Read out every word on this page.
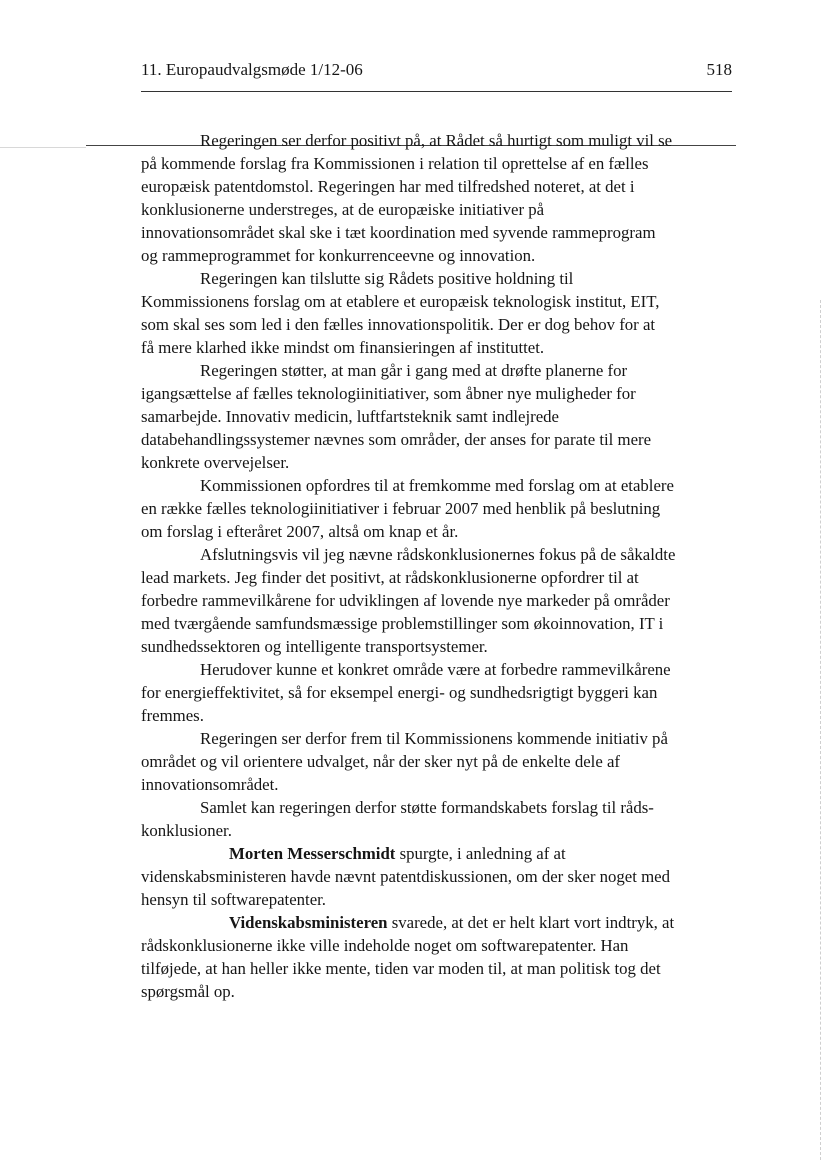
11. Europaudvalgsmøde 1/12-06	518

Regeringen ser derfor positivt på, at Rådet så hurtigt som muligt vil se
på kommende forslag fra Kommissionen i relation til oprettelse af en fælles
europæisk patentdomstol. Regeringen har med tilfredshed noteret, at det i
konklusionerne understreges, at de europæiske initiativer på
innovationsområdet skal ske i tæt koordination med syvende rammeprogram
og rammeprogrammet for konkurrenceevne og innovation.

Regeringen kan tilslutte sig Rådets positive holdning til
Kommissionens forslag om at etablere et europæisk teknologisk institut, EIT,
som skal ses som led i den fælles innovationspolitik. Der er dog behov for at
få mere klarhed ikke mindst om finansieringen af instituttet.

Regeringen støtter, at man går i gang med at drøfte planerne for
igangsættelse af fælles teknologiinitiativer, som åbner nye muligheder for
samarbejde. Innovativ medicin, luftfartsteknik samt indlejrede
databehandlingssystemer nævnes som områder, der anses for parate til mere
konkrete overvejelser.

Kommissionen opfordres til at fremkomme med forslag om at etablere
en række fælles teknologiinitiativer i februar 2007 med henblik på beslutning
om forslag i efteråret 2007, altså om knap et år.

Afslutningsvis vil jeg nævne rådskonklusionernes fokus på de såkaldte
lead markets. Jeg finder det positivt, at rådskonklusionerne opfordrer til at
forbedre rammevilkårene for udviklingen af lovende nye markeder på områder
med tværgående samfundsmæssige problemstillinger som økoinnovation, IT i
sundhedssektoren og intelligente transportsystemer.

Herudover kunne et konkret område være at forbedre rammevilkårene
for energieffektivitet, så for eksempel energi- og sundhedsrigtigt byggeri kan
fremmes.

Regeringen ser derfor frem til Kommissionens kommende initiativ på
området og vil orientere udvalget, når der sker nyt på de enkelte dele af
innovationsområdet.

Samlet kan regeringen derfor støtte formandskabets forslag til råds-
konklusioner.

Morten Messerschmidt spurgte, i anledning af at
videnskabsministeren havde nævnt patentdiskussionen, om der sker noget med
hensyn til softwarepatenter.

Videnskabsministeren svarede, at det er helt klart vort indtryk, at
rådskonklusionerne ikke ville indeholde noget om softwarepatenter. Han
tilføjede, at han heller ikke mente, tiden var moden til, at man politisk tog det
spørgsmål op.
